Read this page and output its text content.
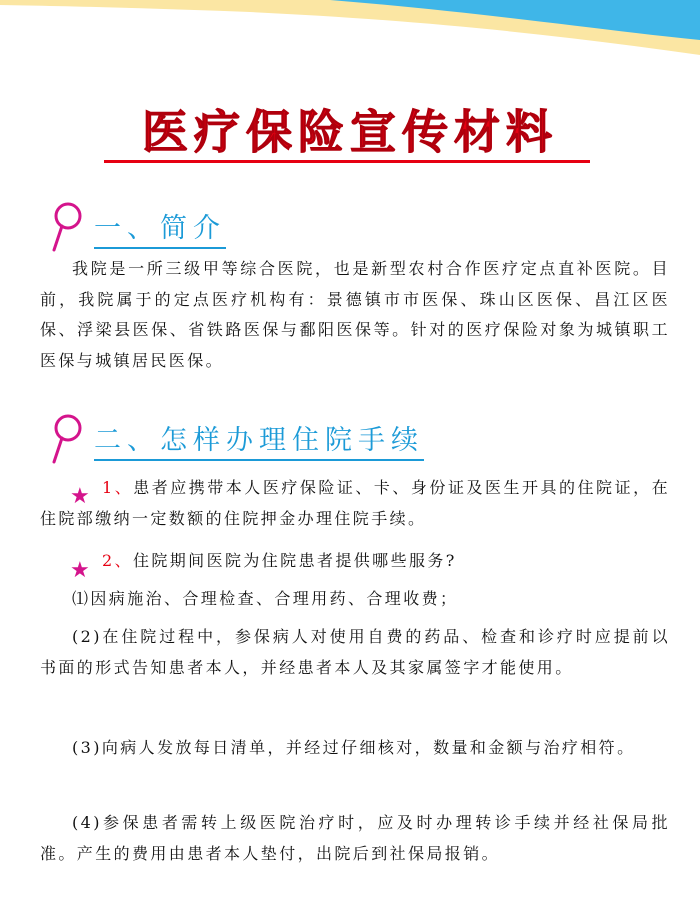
医疗保险宣传材料
一、简介
我院是一所三级甲等综合医院，也是新型农村合作医疗定点直补医院。目前，我院属于的定点医疗机构有：景德镇市市医保、珠山区医保、昌江区医保、浮梁县医保、省铁路医保与鄱阳医保等。针对的医疗保险对象为城镇职工医保与城镇居民医保。
二、怎样办理住院手续
★ 1、患者应携带本人医疗保险证、卡、身份证及医生开具的住院证，在住院部缴纳一定数额的住院押金办理住院手续。
★ 2、住院期间医院为住院患者提供哪些服务?
⑴因病施治、合理检查、合理用药、合理收费；
(2)在住院过程中，参保病人对使用自费的药品、检查和诊疗时应提前以书面的形式告知患者本人，并经患者本人及其家属签字才能使用。
(3)向病人发放每日清单，并经过仔细核对，数量和金额与治疗相符。
(4)参保患者需转上级医院治疗时，应及时办理转诊手续并经社保局批准。产生的费用由患者本人垫付，出院后到社保局报销。
